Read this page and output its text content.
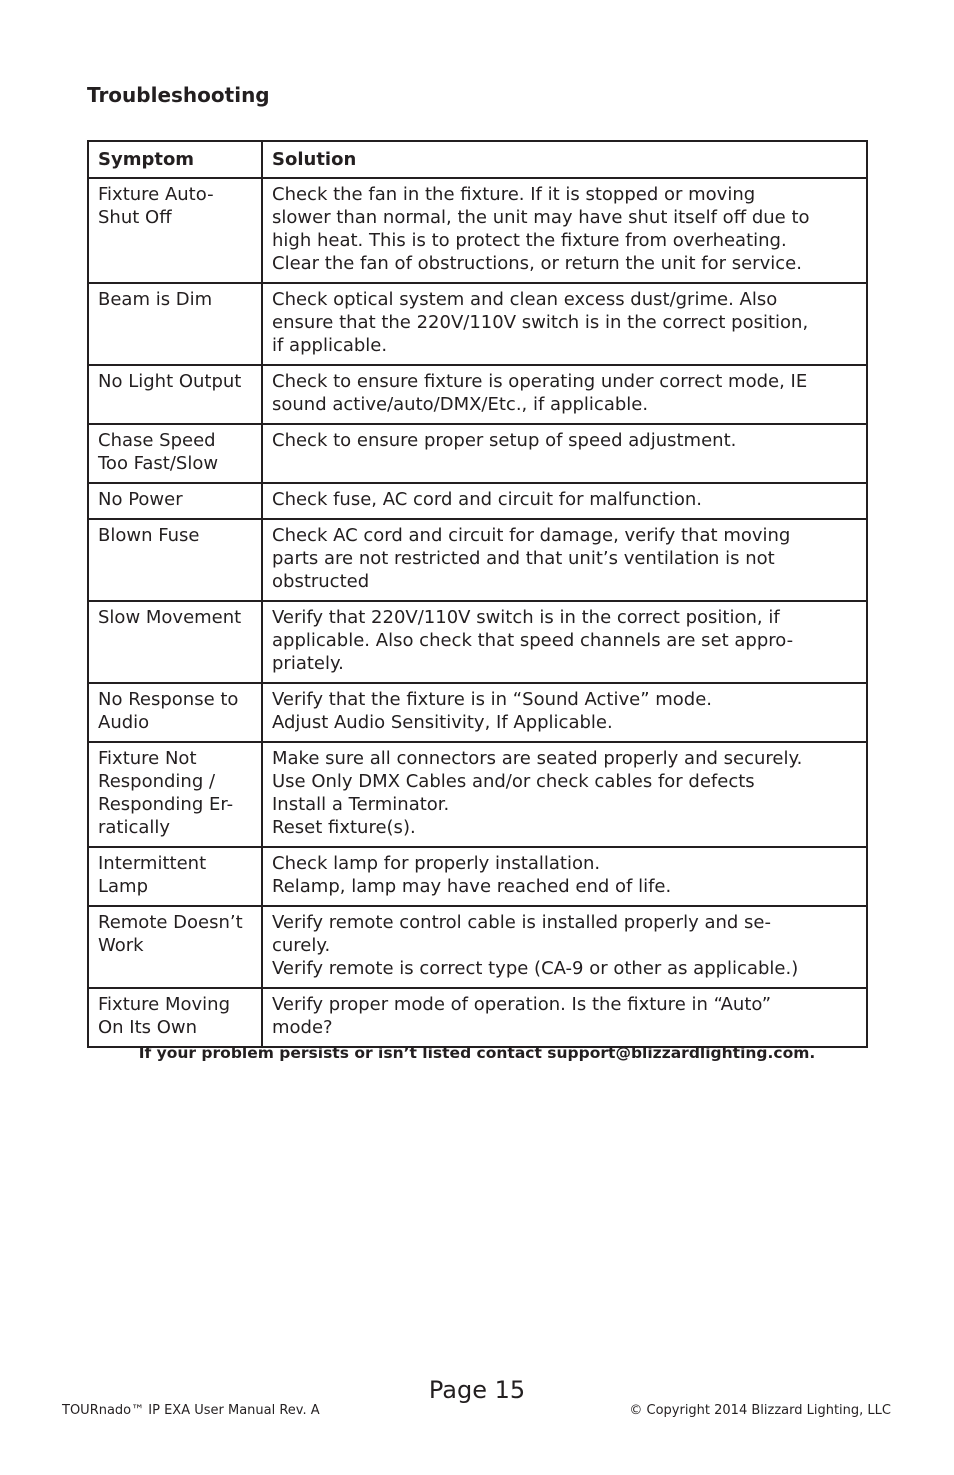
Troubleshooting
Symptom	Solution

Fixture Auto-
Shut Off	Check the fan in the fixture. If it is stopped or moving
slower than normal, the unit may have shut itself off due to
high heat. This is to protect the fixture from overheating.
Clear the fan of obstructions, or return the unit for service.

Beam is Dim	Check optical system and clean excess dust/grime. Also
ensure that the 220V/110V switch is in the correct position,
if applicable.

No Light Output	Check to ensure fixture is operating under correct mode, IE
sound active/auto/DMX/Etc., if applicable.

Chase Speed
Too Fast/Slow	Check to ensure proper setup of speed adjustment.

No Power	Check fuse, AC cord and circuit for malfunction.

Blown Fuse	Check AC cord and circuit for damage, verify that moving
parts are not restricted and that unit’s ventilation is not
obstructed

Slow Movement	Verify that 220V/110V switch is in the correct position, if
applicable. Also check that speed channels are set appro-
priately.

No Response to
Audio	Verify that the fixture is in “Sound Active” mode.
Adjust Audio Sensitivity, If Applicable.

Fixture Not
Responding /
Responding Er-
ratically	Make sure all connectors are seated properly and securely.
Use Only DMX Cables and/or check cables for defects
Install a Terminator.
Reset fixture(s).

Intermittent
Lamp	Check lamp for properly installation.
Relamp, lamp may have reached end of life.

Remote Doesn’t
Work	Verify remote control cable is installed properly and se-
curely.
Verify remote is correct type (CA-9 or other as applicable.)

Fixture Moving
On Its Own	Verify proper mode of operation. Is the fixture in “Auto”
mode?
If your problem persists or isn’t listed contact support@blizzardlighting.com.
Page 15
TOURnado™ IP EXA User Manual Rev. A	© Copyright 2014 Blizzard Lighting, LLC
